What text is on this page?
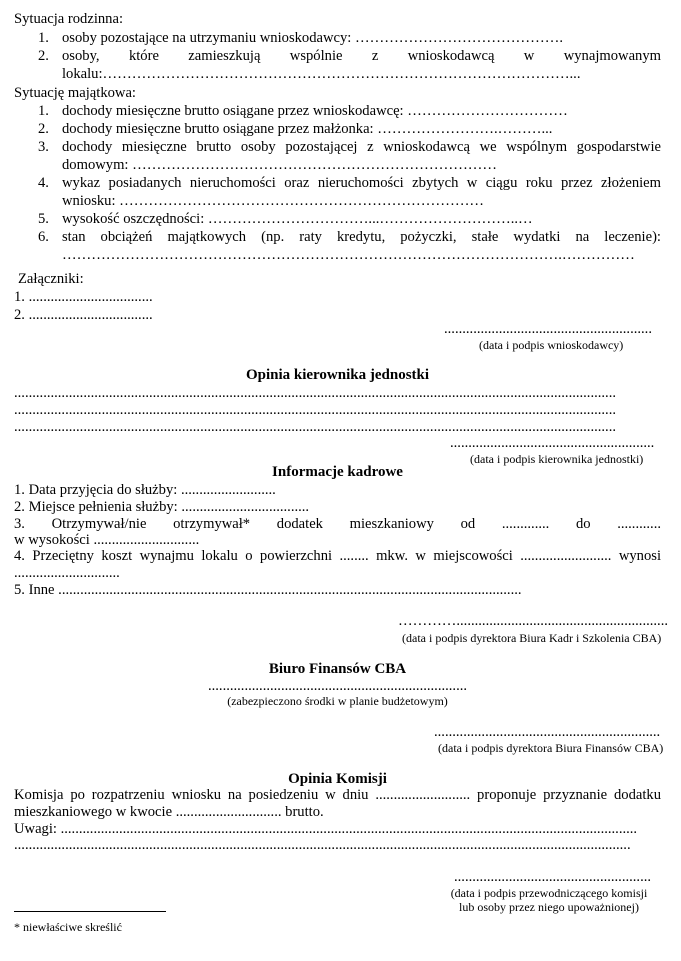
Sytuacja rodzinna:
1. osoby pozostające na utrzymaniu wnioskodawcy: …………………………………….
2. osoby, które zamieszkują wspólnie z wnioskodawcą w wynajmowanym
lokalu:……………………………………………………………………………………...
Sytuację majątkowa:
1. dochody miesięczne brutto osiągane przez wnioskodawcę: ……………………………
2. dochody miesięczne brutto osiągane przez małżonka: …………………….………...
3. dochody miesięczne brutto osoby pozostającej z wnioskodawcą we wspólnym gospodarstwie
domowym: …………………………………………………………………
4. wykaz posiadanych nieruchomości oraz nieruchomości zbytych w ciągu roku przez złożeniem
wniosku: …………………………………………………………………
5. wysokość oszczędności: ……………………………...………………………..…
6. stan obciążeń majątkowych (np. raty kredytu, pożyczki, stałe wydatki na leczenie):
………………………………………………………………………………………….……………
Załączniki:
1. ..................................
2. ..................................
.........................................................
(data i podpis wnioskodawcy)
Opinia kierownika jednostki
.....................................................................................................................................................................
.....................................................................................................................................................................
.....................................................................................................................................................................
........................................................
(data i podpis kierownika jednostki)
Informacje kadrowe
1. Data przyjęcia do służby: ..........................
2. Miejsce pełnienia służby: ...................................
3. Otrzymywał/nie otrzymywał* dodatek mieszkaniowy od ............. do ............
w wysokości .............................
4. Przeciętny koszt wynajmu lokalu o powierzchni ........ mkw. w miejscowości ......................... wynosi
.............................
5. Inne ...............................................................................................................................
…………..........................................................
(data i podpis dyrektora Biura Kadr i Szkolenia CBA)
Biuro Finansów CBA
.......................................................................
(zabezpieczono środki w planie budżetowym)
..............................................................
(data i podpis dyrektora Biura Finansów CBA)
Opinia Komisji
Komisja po rozpatrzeniu wniosku na posiedzeniu w dniu .......................... proponuje przyznanie dodatku
mieszkaniowego w kwocie ............................. brutto.
Uwagi: ..............................................................................................................................................................
.........................................................................................................................................................................
......................................................
(data i podpis przewodniczącego komisji
lub osoby przez niego upoważnionej)
* niewłaściwe skreślić
